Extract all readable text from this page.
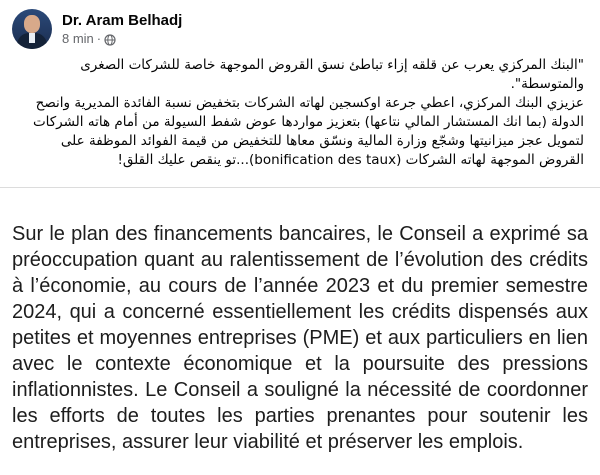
Dr. Aram Belhadj
8 min ·

"البنك المركزي يعرب عن قلقه إزاء تباطئ نسق القروض الموجهة خاصة للشركات الصغرى والمتوسطة".

عزيزي البنك المركزي، اعطي جرعة اوكسجين لهاته الشركات بتخفيض نسبة الفائدة المديرية وانصح الدولة (بما انك المستشار المالي نتاعها) بتعزيز مواردها عوض شفط السيولة من أمام هاته الشركات لتمويل عجز ميزانيتها وشجّع وزارة المالية ونسّق معاها للتخفيض من قيمة الفوائد الموظفة على القروض الموجهة لهاته الشركات (bonification des taux)...تو ينقص عليك القلق!

Sur le plan des financements bancaires, le Conseil a exprimé sa préoccupation quant au ralentissement de l’évolution des crédits à l’économie, au cours de l’année 2023 et du premier semestre 2024, qui a concerné essentiellement les crédits dispensés aux petites et moyennes entreprises (PME) et aux particuliers en lien avec le contexte économique et la poursuite des pressions inflationnistes. Le Conseil a souligné la nécessité de coordonner les efforts de toutes les parties prenantes pour soutenir les entreprises, assurer leur viabilité et préserver les emplois.
